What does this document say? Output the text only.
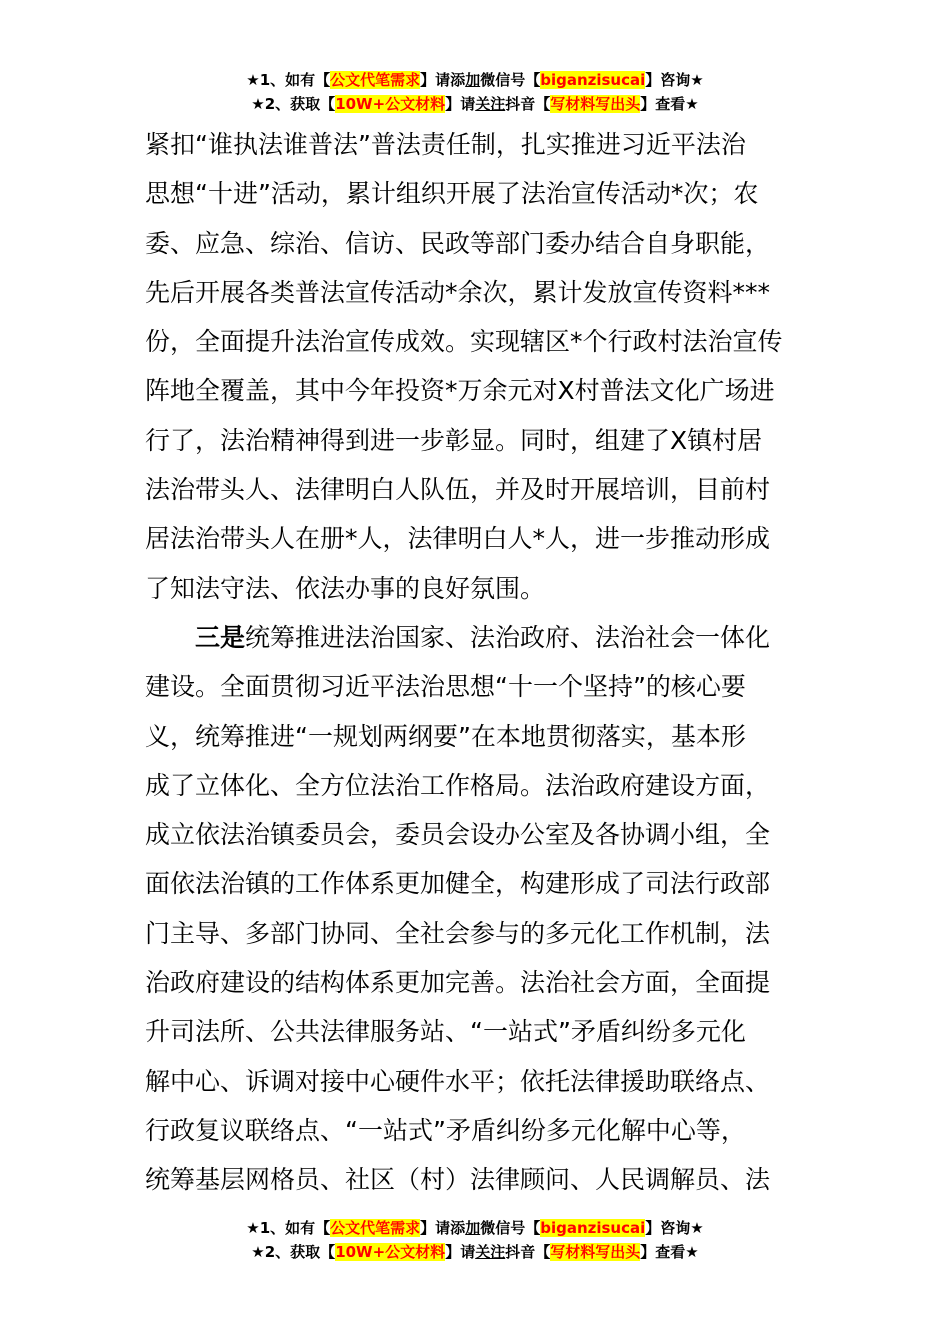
★1、如有【公文代笔需求】请添加微信号【biganzisucai】咨询★
★2、获取【10W+公文材料】请关注抖音【写材料写出头】查看★
紧扣“谁执法谁普法”普法责任制，扎实推进习近平法治
思想“十进”活动，累计组织开展了法治宣传活动*次；农
委、应急、综治、信访、民政等部门委办结合自身职能，
先后开展各类普法宣传活动*余次，累计发放宣传资料***
份，全面提升法治宣传成效。实现辖区*个行政村法治宣传
阵地全覆盖，其中今年投资*万余元对X村普法文化广场进
行了，法治精神得到进一步彰显。同时，组建了X镇村居
法治带头人、法律明白人队伍，并及时开展培训，目前村
居法治带头人在册*人，法律明白人*人，进一步推动形成
了知法守法、依法办事的良好氛围。
三是统筹推进法治国家、法治政府、法治社会一体化
建设。全面贯彻习近平法治思想“十一个坚持”的核心要
义，统筹推进“一规划两纲要”在本地贯彻落实，基本形
成了立体化、全方位法治工作格局。法治政府建设方面，
成立依法治镇委员会，委员会设办公室及各协调小组，全
面依法治镇的工作体系更加健全，构建形成了司法行政部
门主导、多部门协同、全社会参与的多元化工作机制，法
治政府建设的结构体系更加完善。法治社会方面，全面提
升司法所、公共法律服务站、“一站式”矛盾纠纷多元化
解中心、诉调对接中心硬件水平；依托法律援助联络点、
行政复议联络点、“一站式”矛盾纠纷多元化解中心等，
统筹基层网格员、社区（村）法律顾问、人民调解员、法
★1、如有【公文代笔需求】请添加微信号【biganzisucai】咨询★
★2、获取【10W+公文材料】请关注抖音【写材料写出头】查看★
